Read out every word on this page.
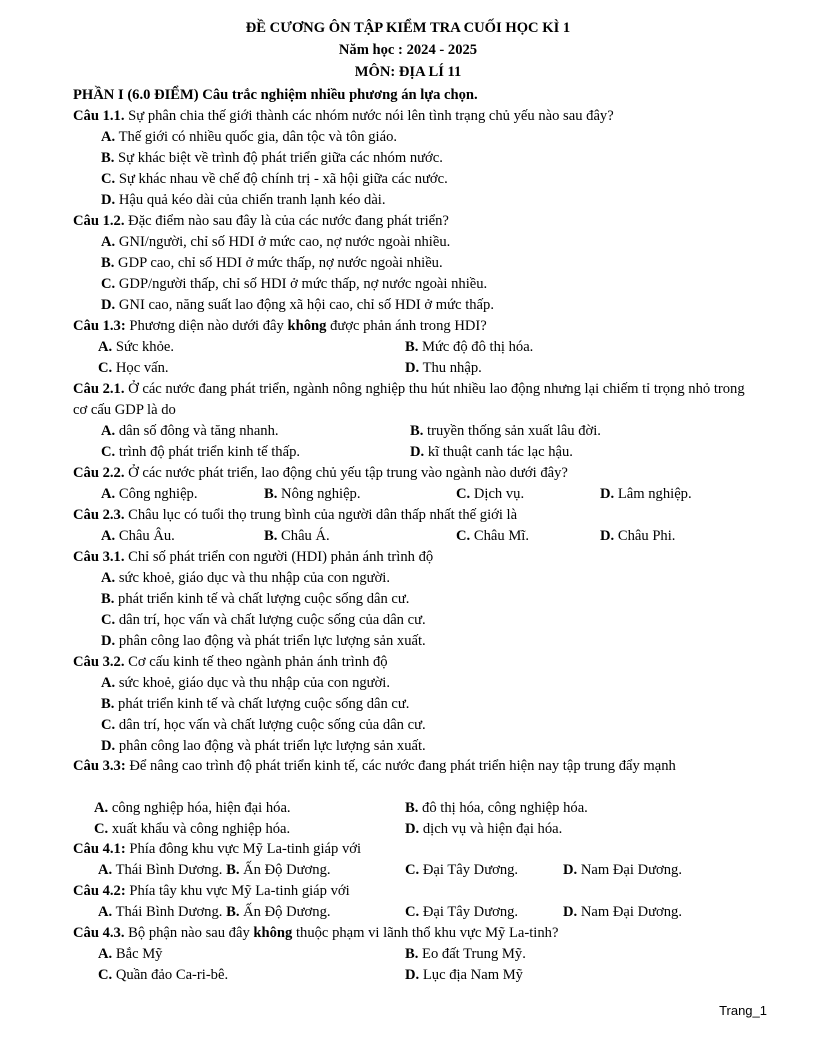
ĐỀ CƯƠNG ÔN TẬP KIỂM TRA CUỐI HỌC KÌ 1
Năm học : 2024 - 2025
MÔN: ĐỊA LÍ 11
PHẦN I (6.0 ĐIỂM) Câu trắc nghiệm nhiều phương án lựa chọn.
Câu 1.1. Sự phân chia thế giới thành các nhóm nước nói lên tình trạng chủ yếu nào sau đây?
A. Thế giới có nhiều quốc gia, dân tộc và tôn giáo.
B. Sự khác biệt về trình độ phát triển giữa các nhóm nước.
C. Sự khác nhau về chế độ chính trị - xã hội giữa các nước.
D. Hậu quả kéo dài của chiến tranh lạnh kéo dài.
Câu 1.2. Đặc điểm nào sau đây là của các nước đang phát triển?
A. GNI/người, chỉ số HDI ở mức cao, nợ nước ngoài nhiều.
B. GDP cao, chỉ số HDI ở mức thấp, nợ nước ngoài nhiều.
C. GDP/người thấp, chỉ số HDI ở mức thấp, nợ nước ngoài nhiều.
D. GNI cao, năng suất lao động xã hội cao, chỉ số HDI ở mức thấp.
Câu 1.3: Phương diện nào dưới đây không được phản ánh trong HDI?
A. Sức khỏe.	B. Mức độ đô thị hóa.
C. Học vấn.	D. Thu nhập.
Câu 2.1. Ở các nước đang phát triển, ngành nông nghiệp thu hút nhiều lao động nhưng lại chiếm tỉ trọng nhỏ trong cơ cấu GDP là do
A. dân số đông và tăng nhanh.	B. truyền thống sản xuất lâu đời.
C. trình độ phát triển kinh tế thấp.	D. kĩ thuật canh tác lạc hậu.
Câu 2.2. Ở các nước phát triển, lao động chủ yếu tập trung vào ngành nào dưới đây?
A. Công nghiệp.	B. Nông nghiệp.	C. Dịch vụ.	D. Lâm nghiệp.
Câu 2.3. Châu lục có tuổi thọ trung bình của người dân thấp nhất thế giới là
A. Châu Âu.	B. Châu Á.	C. Châu Mĩ.	D. Châu Phi.
Câu 3.1. Chỉ số phát triển con người (HDI) phản ánh trình độ
A. sức khoẻ, giáo dục và thu nhập của con người.
B. phát triển kinh tế và chất lượng cuộc sống dân cư.
C. dân trí, học vấn và chất lượng cuộc sống của dân cư.
D. phân công lao động và phát triển lực lượng sản xuất.
Câu 3.2. Cơ cấu kinh tế theo ngành phản ánh trình độ
A. sức khoẻ, giáo dục và thu nhập của con người.
B. phát triển kinh tế và chất lượng cuộc sống dân cư.
C. dân trí, học vấn và chất lượng cuộc sống của dân cư.
D. phân công lao động và phát triển lực lượng sản xuất.
Câu 3.3: Để nâng cao trình độ phát triển kinh tế, các nước đang phát triển hiện nay tập trung đẩy mạnh
A. công nghiệp hóa, hiện đại hóa.	B. đô thị hóa, công nghiệp hóa.
C. xuất khẩu và công nghiệp hóa.	D. dịch vụ và hiện đại hóa.
Câu 4.1: Phía đông khu vực Mỹ La-tinh giáp với
A. Thái Bình Dương. B. Ấn Độ Dương.	C. Đại Tây Dương.	D. Nam Đại Dương.
Câu 4.2: Phía tây khu vực Mỹ La-tinh giáp với
A. Thái Bình Dương. B. Ấn Độ Dương.	C. Đại Tây Dương.	D. Nam Đại Dương.
Câu 4.3. Bộ phận nào sau đây không thuộc phạm vi lãnh thổ khu vực Mỹ La-tinh?
A. Bắc Mỹ	B. Eo đất Trung Mỹ.
C. Quần đảo Ca-ri-bê.	D. Lục địa Nam Mỹ
Trang_1
